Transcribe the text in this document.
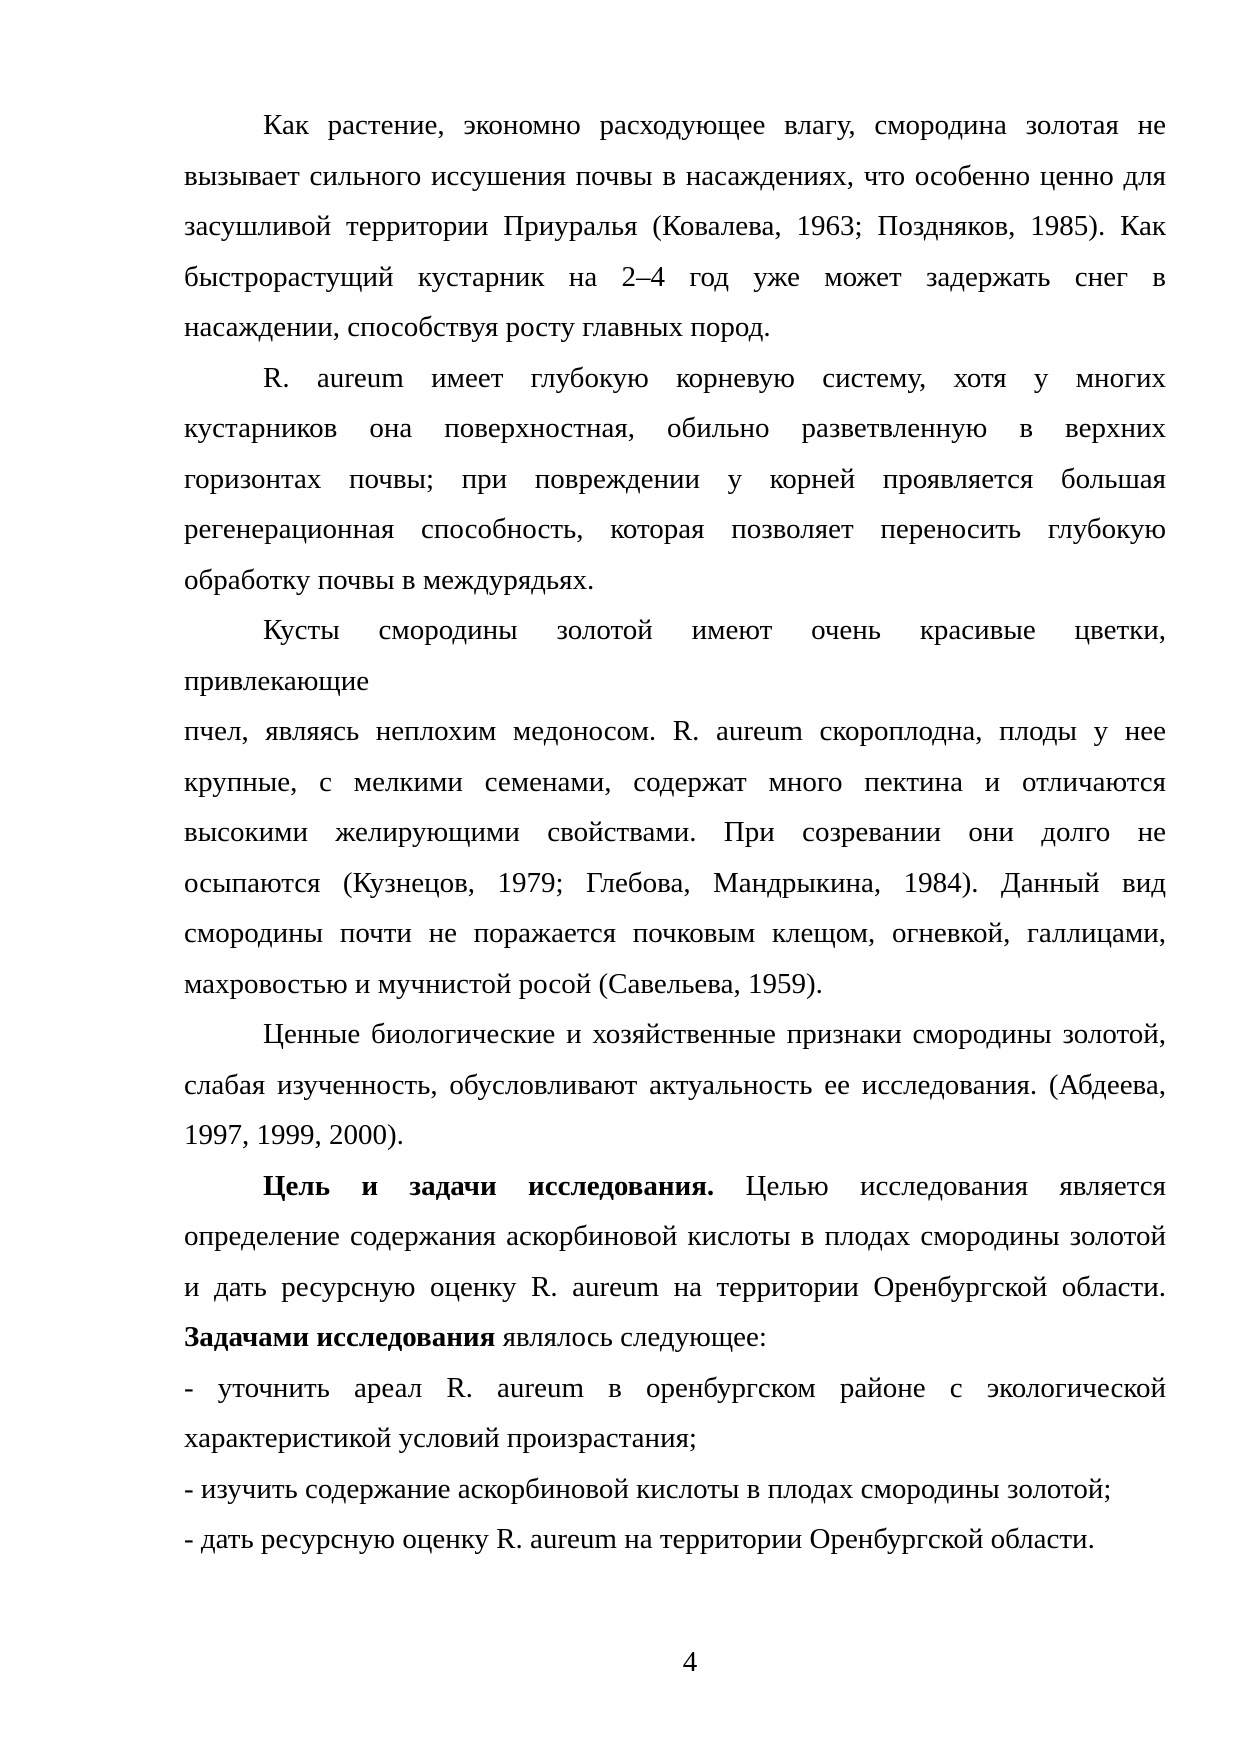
Как растение, экономно расходующее влагу, смородина золотая не
вызывает сильного иссушения почвы в насаждениях, что особенно ценно для
засушливой территории Приуралья (Ковалева, 1963; Поздняков, 1985). Как
быстрорастущий кустарник на 2–4 год уже может задержать снег в
насаждении, способствуя росту главных пород.
R. aureum имеет глубокую корневую систему, хотя у многих
кустарников она поверхностная, обильно разветвленную в верхних
горизонтах почвы; при повреждении у корней проявляется большая
регенерационная способность, которая позволяет переносить глубокую
обработку почвы в междурядьях.
Кусты смородины золотой имеют очень красивые цветки, привлекающие
пчел, являясь неплохим медоносом. R. aureum скороплодна, плоды у нее
крупные, с мелкими семенами, содержат много пектина и отличаются
высокими желирующими свойствами. При созревании они долго не
осыпаются (Кузнецов, 1979; Глебова, Мандрыкина, 1984). Данный вид
смородины почти не поражается почковым клещом, огневкой, галлицами,
махровостью и мучнистой росой (Савельева, 1959).
Ценные биологические и хозяйственные признаки смородины золотой,
слабая изученность, обусловливают актуальность ее исследования. (Абдеева,
1997, 1999, 2000).
Цель и задачи исследования. Целью исследования является
определение содержания аскорбиновой кислоты в плодах смородины золотой
и дать ресурсную оценку R. aureum на территории Оренбургской области.
Задачами исследования являлось следующее:
- уточнить ареал R. aureum в оренбургском районе с экологической
характеристикой условий произрастания;
- изучить содержание аскорбиновой кислоты в плодах смородины золотой;
- дать ресурсную оценку R. aureum на территории Оренбургской области.
4
